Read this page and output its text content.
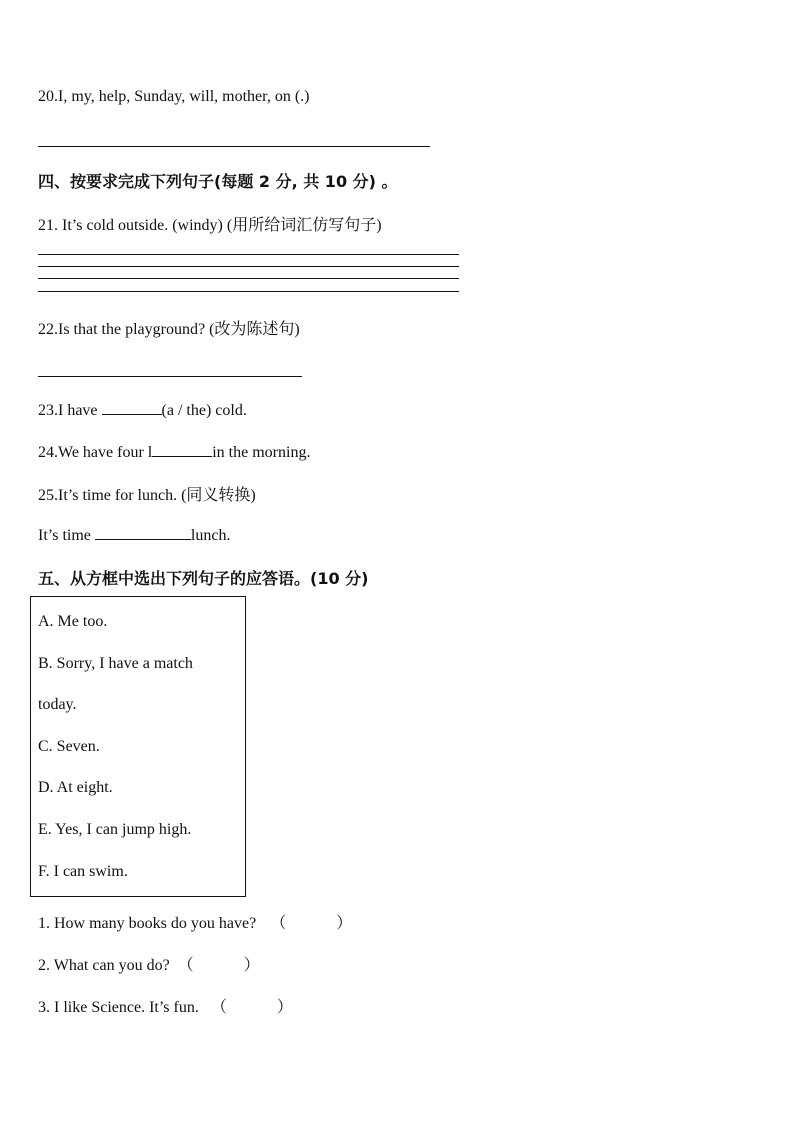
20.I, my, help, Sunday, will, mother, on (.)
四、按要求完成下列句子(每题 2 分, 共 10 分) 。
21. It’s cold outside. (windy) (用所给词汇仿写句子)
22.Is that the playground? (改为陈述句)
23.I have	(a / the) cold.
24.We have four l	in the morning.
25.It’s time for lunch. (同义转换)
It’s time	lunch.
五、从方框中选出下列句子的应答语。(10 分)
A. Me too.
B. Sorry, I have a match
today.
C. Seven.
D. At eight.
E. Yes, I can jump high.
F. I can swim.
1. How many books do you have? （	）
2. What can you do? （	）
3. I like Science. It’s fun. （	）
